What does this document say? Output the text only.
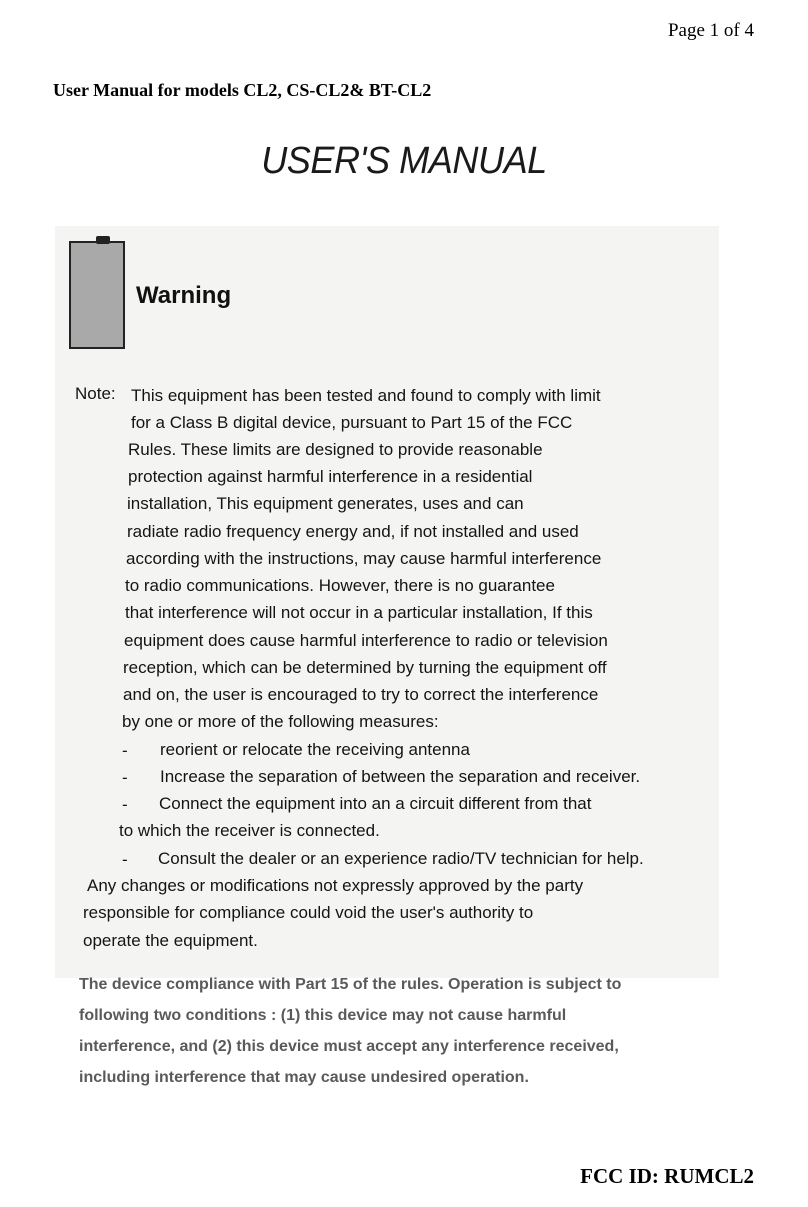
Page 1 of 4
User Manual for models CL2, CS-CL2& BT-CL2
USER'S MANUAL
Warning
Note: This equipment has been tested and found to comply with limit
for a Class B digital device, pursuant to Part 15 of the FCC
Rules. These limits are designed to provide reasonable
protection against harmful interference in a residential
installation, This equipment generates, uses and can
radiate radio frequency energy and, if not installed and used
according with the instructions, may cause harmful interference
to radio communications. However, there is no guarantee
that interference will not occur in a particular installation, If this
equipment does cause harmful interference to radio or television
reception, which can be determined by turning the equipment off
and on, the user is encouraged to try to correct the interference
by one or more of the following measures:
- reorient or relocate the receiving antenna
- Increase the separation of between the separation and receiver.
- Connect the equipment into an a circuit different from that
to which the receiver is connected.
- Consult the dealer or an experience radio/TV technician for help.
Any changes or modifications not expressly approved by the party
responsible for compliance could void the user's authority to
operate the equipment.
The device compliance with Part 15 of the rules. Operation is subject to
following two conditions : (1) this device may not cause harmful
interference, and (2) this device must accept any interference received,
including interference that may cause undesired operation.
FCC ID: RUMCL2
